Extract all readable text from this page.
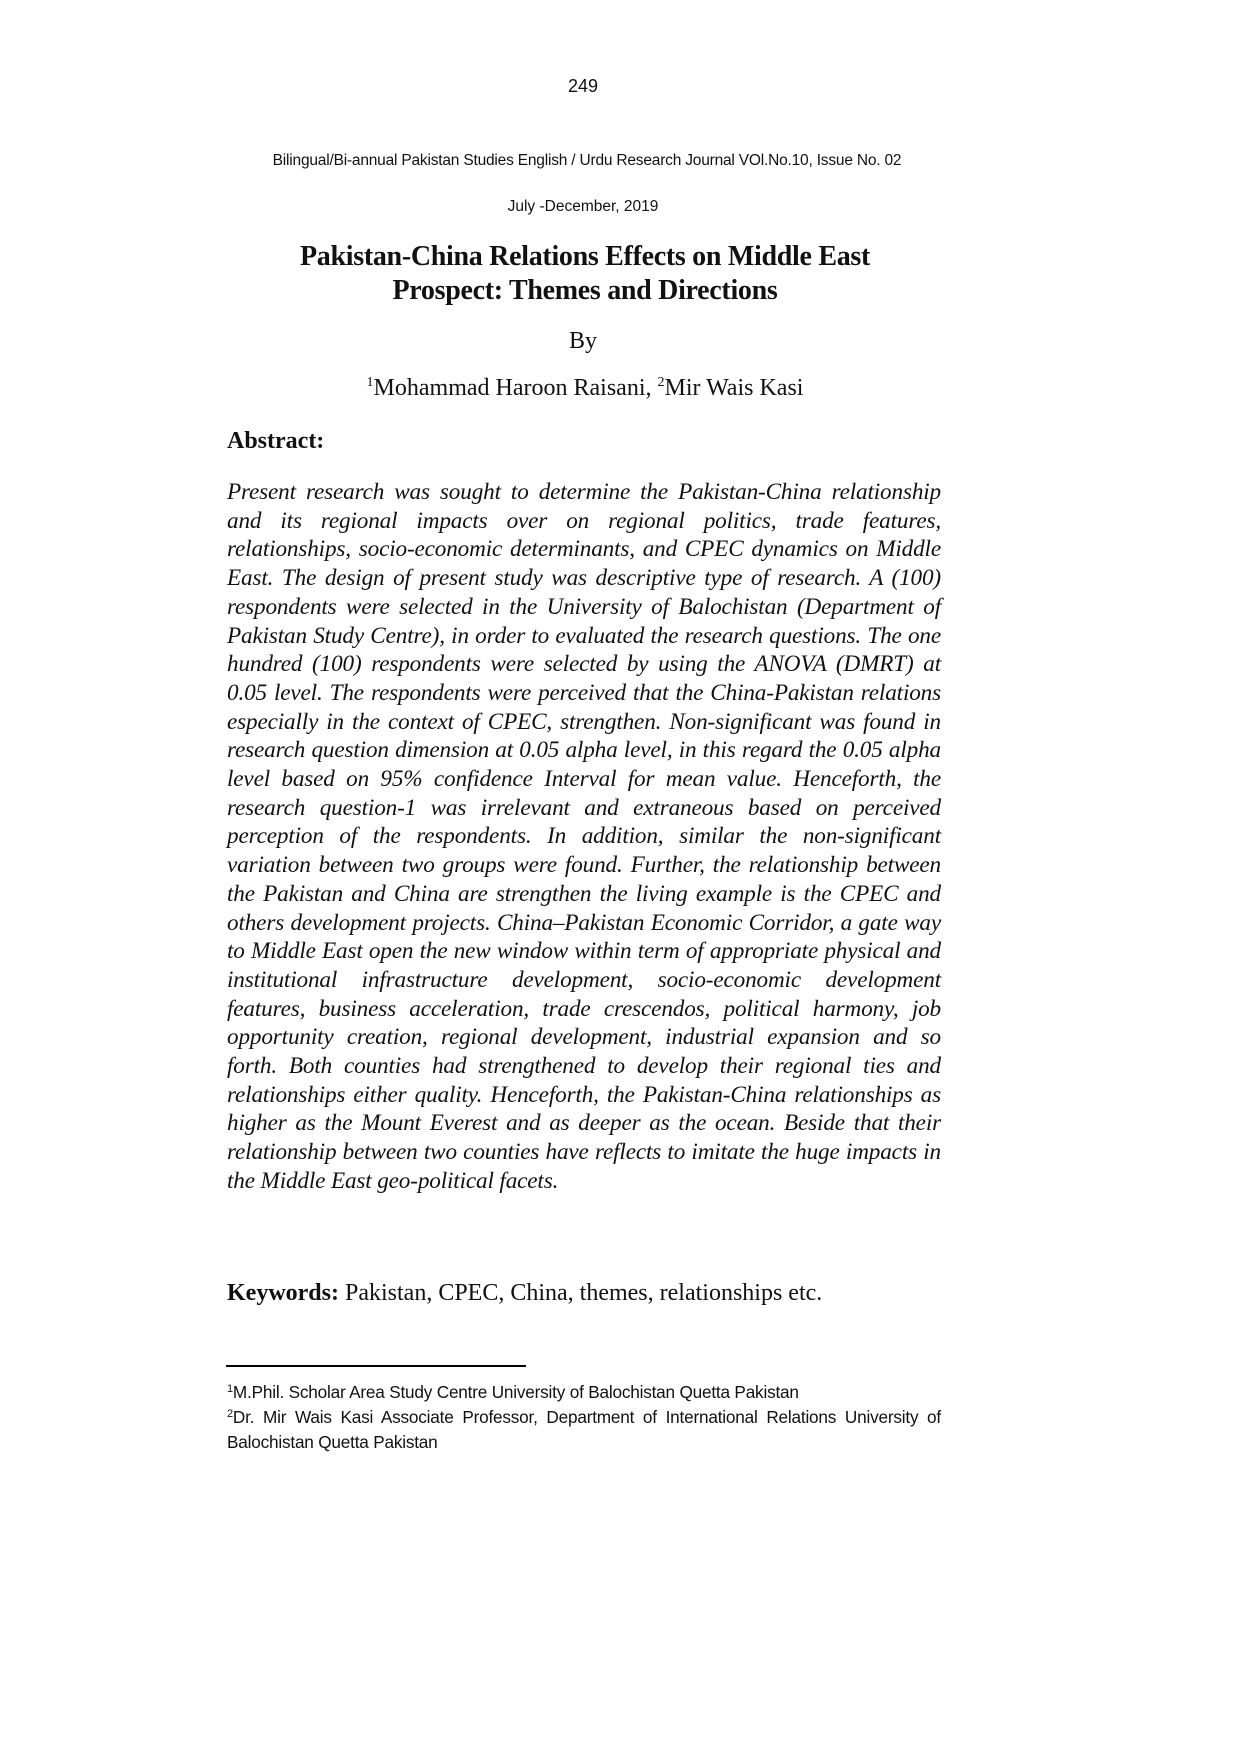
249
Bilingual/Bi-annual Pakistan Studies English / Urdu Research Journal VOl.No.10, Issue No. 02
July -December, 2019
Pakistan-China Relations Effects on Middle East
Prospect: Themes and Directions
By
$^1$Mohammad Haroon Raisani, $^2$Mir Wais Kasi
Abstract:

Present research was sought to determine the Pakistan-China relationship and its regional impacts over on regional politics, trade features, relationships, socio-economic determinants, and CPEC dynamics on Middle East. The design of present study was descriptive type of research. A (100) respondents were selected in the University of Balochistan (Department of Pakistan Study Centre), in order to evaluated the research questions. The one hundred (100) respondents were selected by using the ANOVA (DMRT) at 0.05 level. The respondents were perceived that the China-Pakistan relations especially in the context of CPEC, strengthen. Non-significant was found in research question dimension at 0.05 alpha level, in this regard the 0.05 alpha level based on 95% confidence Interval for mean value. Henceforth, the research question-1 was irrelevant and extraneous based on perceived perception of the respondents. In addition, similar the non-significant variation between two groups were found. Further, the relationship between the Pakistan and China are strengthen the living example is the CPEC and others development projects. China–Pakistan Economic Corridor, a gate way to Middle East open the new window within term of appropriate physical and institutional infrastructure development, socio-economic development features, business acceleration, trade crescendos, political harmony, job opportunity creation, regional development, industrial expansion and so forth. Both counties had strengthened to develop their regional ties and relationships either quality. Henceforth, the Pakistan-China relationships as higher as the Mount Everest and as deeper as the ocean. Beside that their relationship between two counties have reflects to imitate the huge impacts in the Middle East geo-political facets.

Keywords: Pakistan, CPEC, China, themes, relationships etc.

$^1$M.Phil. Scholar Area Study Centre University of Balochistan Quetta Pakistan

$^2$Dr. Mir Wais Kasi Associate Professor, Department of International Relations University of Balochistan Quetta Pakistan
